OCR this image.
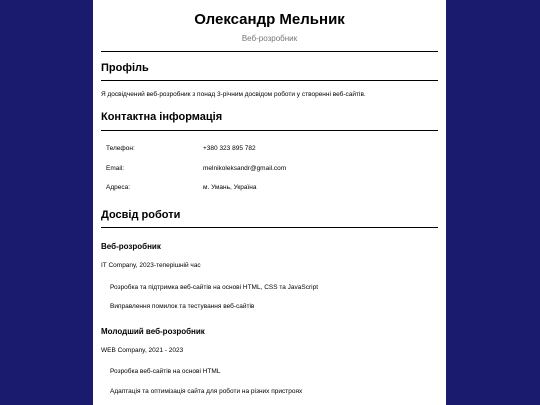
Олександр Мельник
Веб-розробник
Профіль
Я досвідчений веб-розробник з понад 3-річним досвідом роботи у створенні веб-сайтів.
Контактна інформація
Телефон:	+380 323 895 782
Email:	melnikoleksandr@gmail.com
Адреса:	м. Умань, Україна
Досвід роботи
Веб-розробник
IT Company, 2023-теперішній час
Розробка та підтримка веб-сайтів на основі HTML, CSS та JavaScript
Виправлення помилок та тестування веб-сайтів
Молодший веб-розробник
WEB Company, 2021 - 2023
Розробка веб-сайтів на основі HTML
Адаптація та оптимізація сайта для роботи на різних пристроях
